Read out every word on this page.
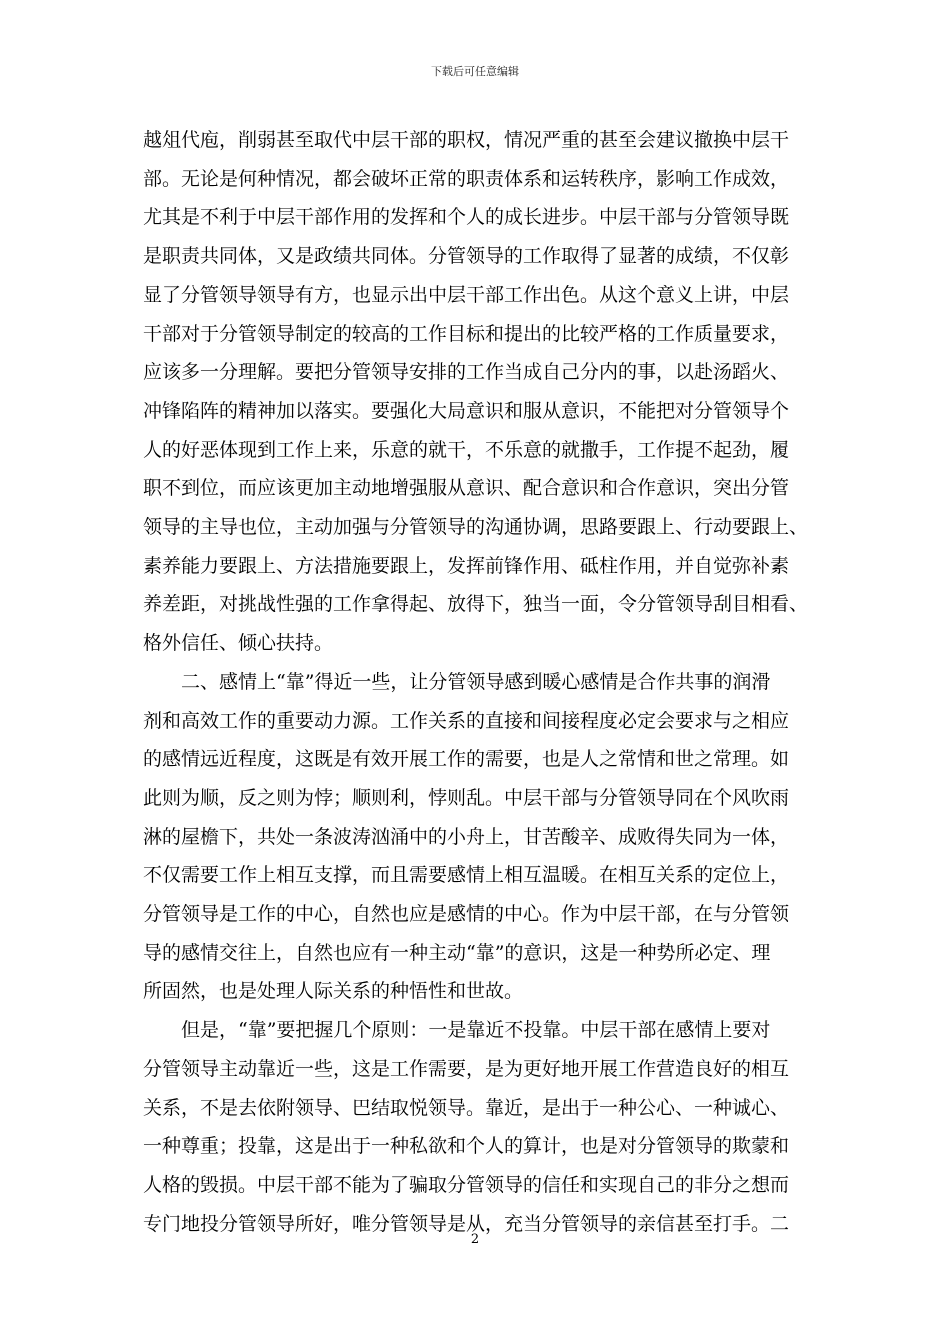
下载后可任意编辑

越俎代庖，削弱甚至取代中层干部的职权，情况严重的甚至会建议撤换中层干
部。无论是何种情况，都会破坏正常的职责体系和运转秩序，影响工作成效，
尤其是不利于中层干部作用的发挥和个人的成长进步。中层干部与分管领导既
是职责共同体，又是政绩共同体。分管领导的工作取得了显著的成绩，不仅彰
显了分管领导领导有方，也显示出中层干部工作出色。从这个意义上讲，中层
干部对于分管领导制定的较高的工作目标和提出的比较严格的工作质量要求，
应该多一分理解。要把分管领导安排的工作当成自己分内的事，以赴汤蹈火、
冲锋陷阵的精神加以落实。要强化大局意识和服从意识，不能把对分管领导个
人的好恶体现到工作上来，乐意的就干，不乐意的就撒手，工作提不起劲，履
职不到位，而应该更加主动地增强服从意识、配合意识和合作意识，突出分管
领导的主导也位，主动加强与分管领导的沟通协调，思路要跟上、行动要跟上、
素养能力要跟上、方法措施要跟上，发挥前锋作用、砥柱作用，并自觉弥补素
养差距，对挑战性强的工作拿得起、放得下，独当一面，令分管领导刮目相看、
格外信任、倾心扶持。

二、感情上“靠”得近一些，让分管领导感到暖心感情是合作共事的润滑
剂和高效工作的重要动力源。工作关系的直接和间接程度必定会要求与之相应
的感情远近程度，这既是有效开展工作的需要，也是人之常情和世之常理。如
此则为顺，反之则为悖；顺则利，悖则乱。中层干部与分管领导同在个风吹雨
淋的屋檐下，共处一条波涛汹涌中的小舟上，甘苦酸辛、成败得失同为一体，
不仅需要工作上相互支撑，而且需要感情上相互温暖。在相互关系的定位上，
分管领导是工作的中心，自然也应是感情的中心。作为中层干部，在与分管领
导的感情交往上，自然也应有一种主动“靠”的意识，这是一种势所必定、理
所固然，也是处理人际关系的种悟性和世故。

但是，“靠”要把握几个原则：一是靠近不投靠。中层干部在感情上要对
分管领导主动靠近一些，这是工作需要，是为更好地开展工作营造良好的相互
关系，不是去依附领导、巴结取悦领导。靠近，是出于一种公心、一种诚心、
一种尊重；投靠，这是出于一种私欲和个人的算计，也是对分管领导的欺蒙和
人格的毁损。中层干部不能为了骗取分管领导的信任和实现自己的非分之想而
专门地投分管领导所好，唯分管领导是从，充当分管领导的亲信甚至打手。二

2
